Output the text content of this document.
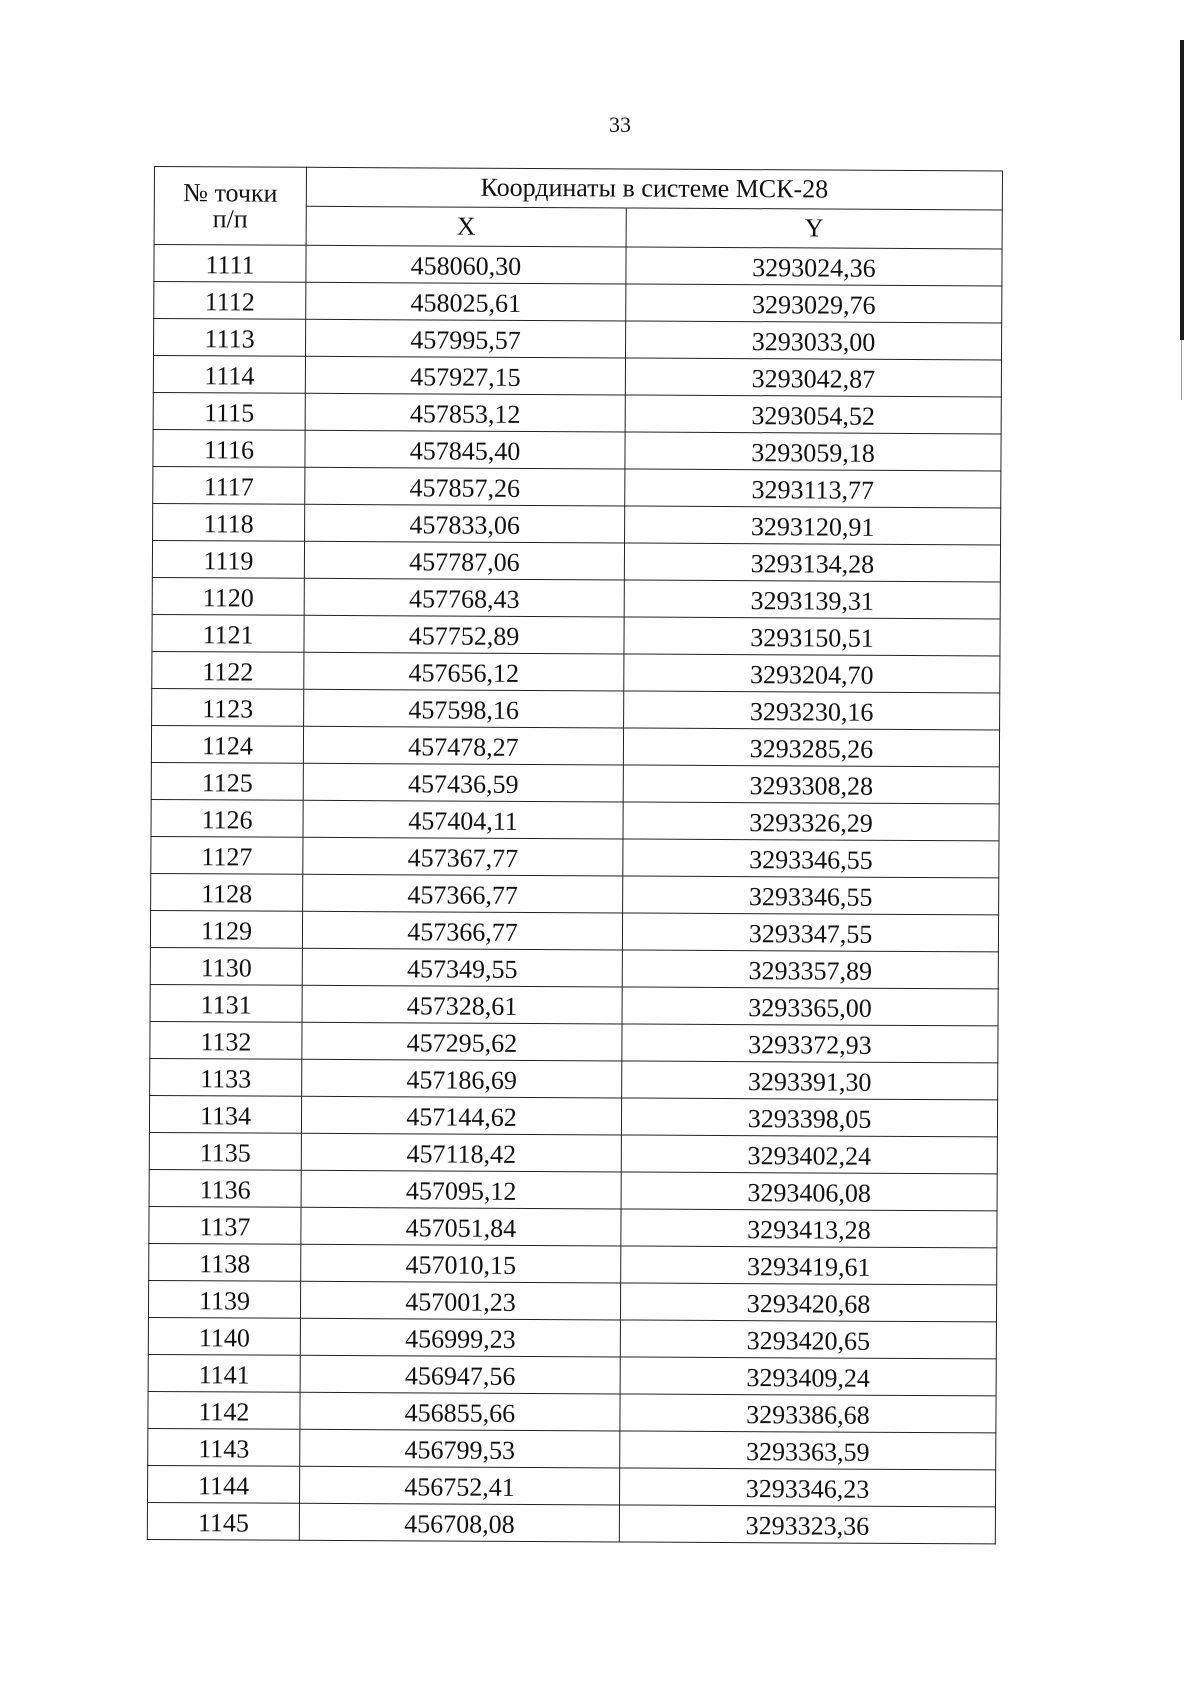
33
№ точки
п/п	Координаты в системе МСК-28	
	X	Y
1111	458060,30	3293024,36
1112	458025,61	3293029,76
1113	457995,57	3293033,00
1114	457927,15	3293042,87
1115	457853,12	3293054,52
1116	457845,40	3293059,18
1117	457857,26	3293113,77
1118	457833,06	3293120,91
1119	457787,06	3293134,28
1120	457768,43	3293139,31
1121	457752,89	3293150,51
1122	457656,12	3293204,70
1123	457598,16	3293230,16
1124	457478,27	3293285,26
1125	457436,59	3293308,28
1126	457404,11	3293326,29
1127	457367,77	3293346,55
1128	457366,77	3293346,55
1129	457366,77	3293347,55
1130	457349,55	3293357,89
1131	457328,61	3293365,00
1132	457295,62	3293372,93
1133	457186,69	3293391,30
1134	457144,62	3293398,05
1135	457118,42	3293402,24
1136	457095,12	3293406,08
1137	457051,84	3293413,28
1138	457010,15	3293419,61
1139	457001,23	3293420,68
1140	456999,23	3293420,65
1141	456947,56	3293409,24
1142	456855,66	3293386,68
1143	456799,53	3293363,59
1144	456752,41	3293346,23
1145	456708,08	3293323,36
